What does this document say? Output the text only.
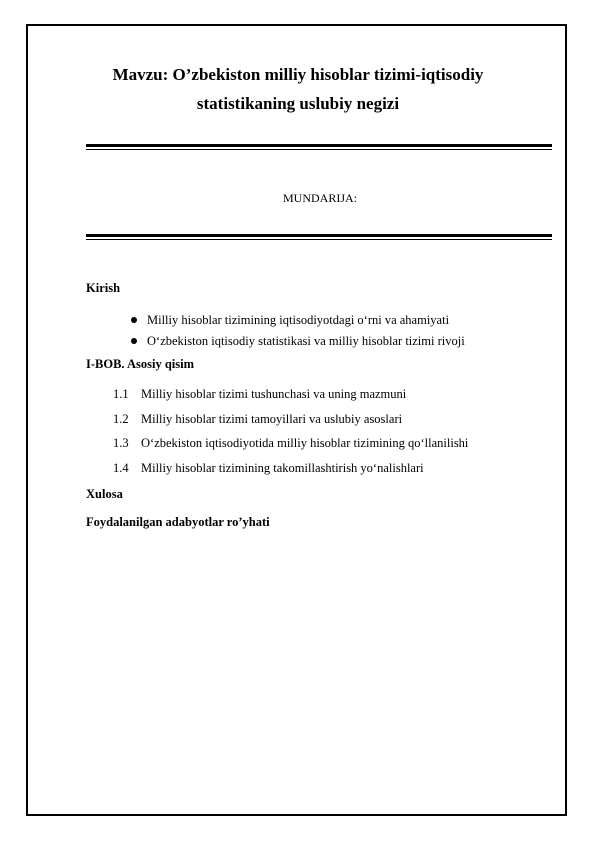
Mavzu: O’zbekiston milliy hisoblar tizimi-iqtisodiy
statistikaning uslubiy negizi
MUNDARIJA:
Kirish
Milliy hisoblar tizimining iqtisodiyotdagi o‘rni va ahamiyati
O‘zbekiston iqtisodiy statistikasi va milliy hisoblar tizimi rivoji
I-BOB. Asosiy qisim
1.1 Milliy hisoblar tizimi tushunchasi va uning mazmuni
1.2 Milliy hisoblar tizimi tamoyillari va uslubiy asoslari
1.3 O‘zbekiston iqtisodiyotida milliy hisoblar tizimining qo‘llanilishi
1.4 Milliy hisoblar tizimining takomillashtirish yo‘nalishlari
Xulosa
Foydalanilgan adabyotlar ro’yhati
